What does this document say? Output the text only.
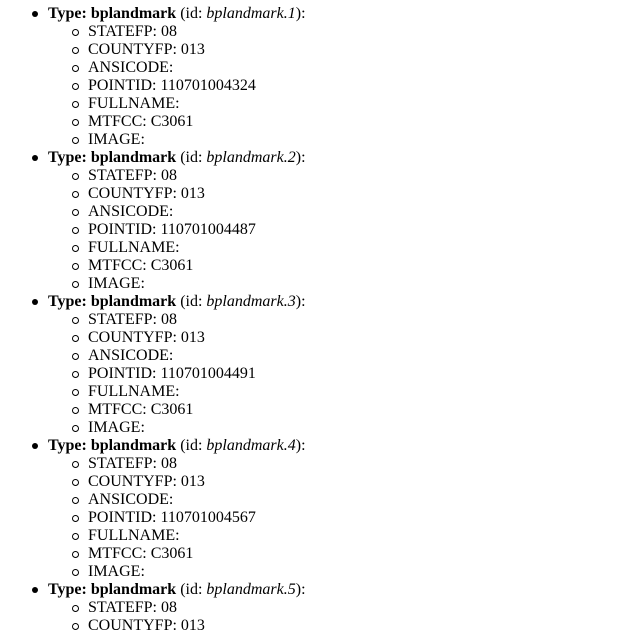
Type: bplandmark (id: bplandmark.1):
STATEFP: 08
COUNTYFP: 013
ANSICODE:
POINTID: 110701004324
FULLNAME:
MTFCC: C3061
IMAGE:
Type: bplandmark (id: bplandmark.2):
STATEFP: 08
COUNTYFP: 013
ANSICODE:
POINTID: 110701004487
FULLNAME:
MTFCC: C3061
IMAGE:
Type: bplandmark (id: bplandmark.3):
STATEFP: 08
COUNTYFP: 013
ANSICODE:
POINTID: 110701004491
FULLNAME:
MTFCC: C3061
IMAGE:
Type: bplandmark (id: bplandmark.4):
STATEFP: 08
COUNTYFP: 013
ANSICODE:
POINTID: 110701004567
FULLNAME:
MTFCC: C3061
IMAGE:
Type: bplandmark (id: bplandmark.5):
STATEFP: 08
COUNTYFP: 013
